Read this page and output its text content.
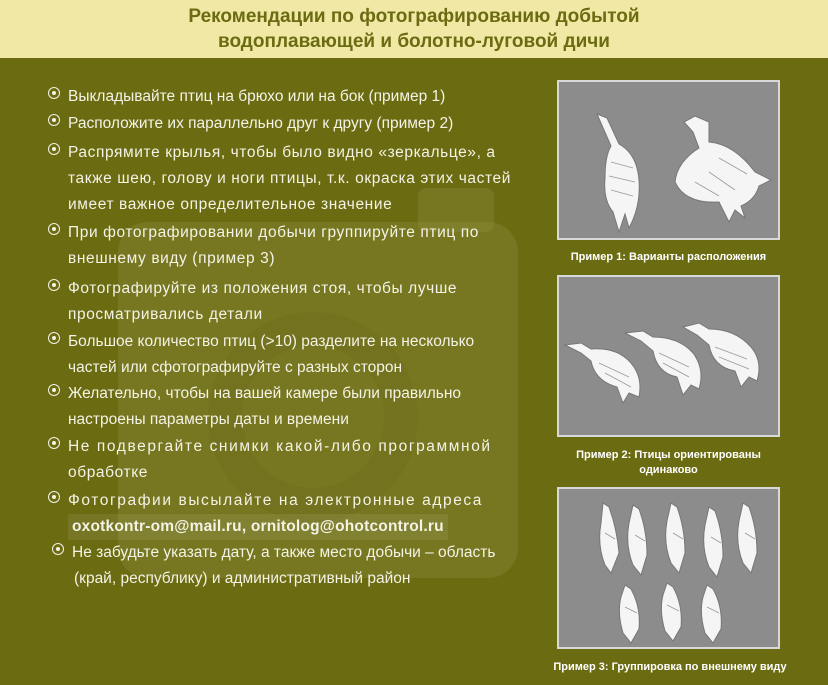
Рекомендации по фотографированию добытой
водоплавающей и болотно-луговой дичи
Выкладывайте птиц на брюхо или на бок (пример 1)
Расположите их параллельно друг к другу (пример 2)
Распрямите крылья, чтобы было видно «зеркальце», а
также шею, голову и ноги птицы, т.к. окраска этих частей
имеет важное определительное значение
При фотографировании добычи группируйте птиц по
внешнему виду (пример 3)
Фотографируйте из положения стоя, чтобы лучше
просматривались детали
Большое количество птиц (>10) разделите на несколько
частей или сфотографируйте с разных сторон
Желательно, чтобы на вашей камере были правильно
настроены параметры даты и времени
Не подвергайте снимки какой-либо программной
обработке
Фотографии высылайте на электронные адреса
oxotkontr-om@mail.ru, ornitolog@ohotcontrol.ru
Не забудьте указать дату, а также место добычи – область
(край, республику) и административный район
Пример 1: Варианты расположения
Пример 2: Птицы ориентированы
одинаково
Пример 3: Группировка по внешнему виду
